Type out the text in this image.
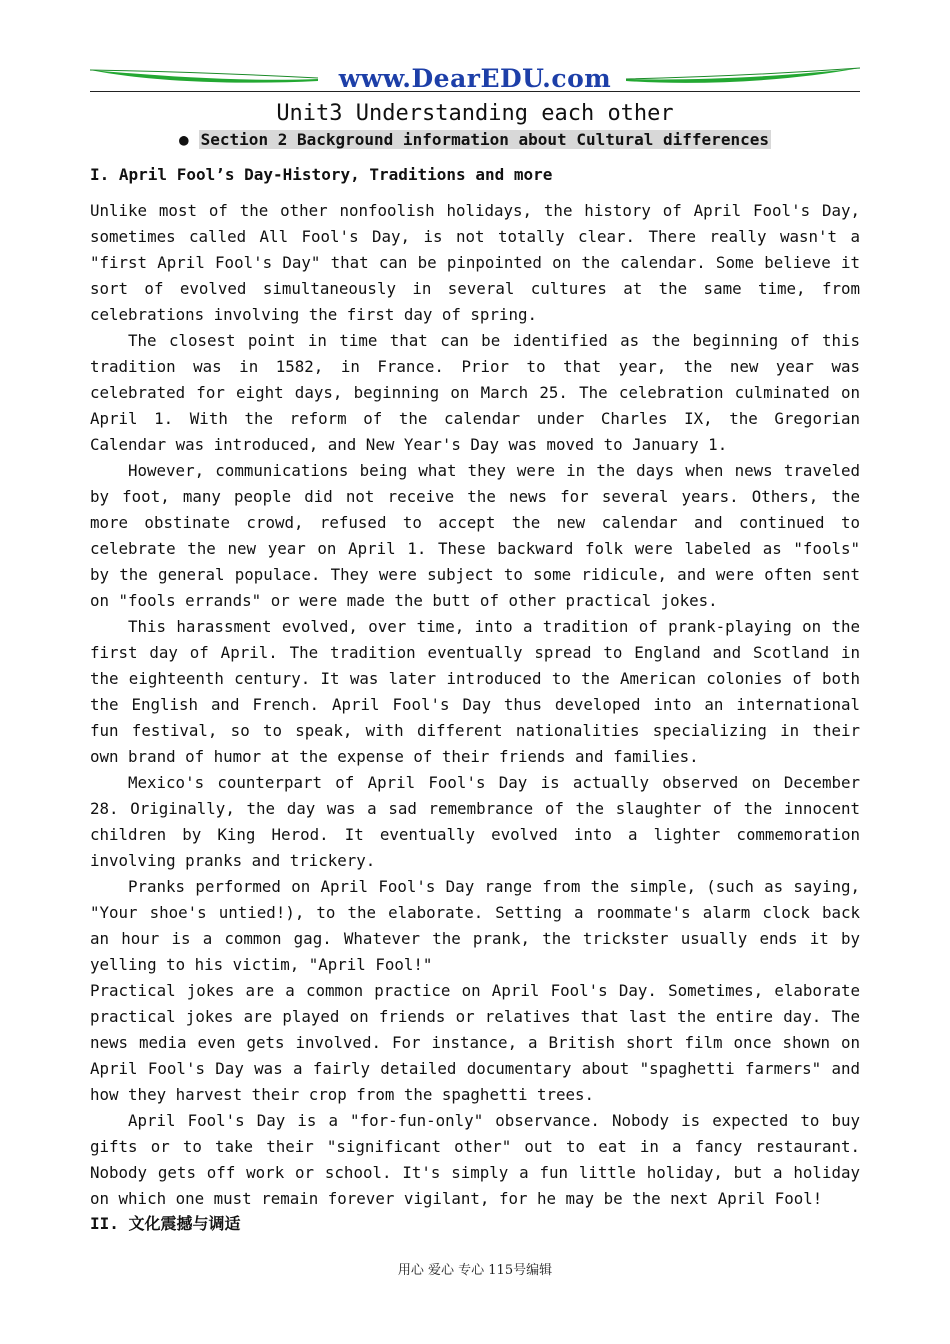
www.DearEDU.com
Unit3 Understanding each other
● Section 2 Background information about Cultural differences
I. April Fool’s Day-History, Traditions and more

Unlike most of the other nonfoolish holidays, the history of April Fool's Day, sometimes called All Fool's Day, is not totally clear. There really wasn't a "first April Fool's Day" that can be pinpointed on the calendar. Some believe it sort of evolved simultaneously in several cultures at the same time, from celebrations involving the first day of spring.

The closest point in time that can be identified as the beginning of this tradition was in 1582, in France. Prior to that year, the new year was celebrated for eight days, beginning on March 25. The celebration culminated on April 1. With the reform of the calendar under Charles IX, the Gregorian Calendar was introduced, and New Year's Day was moved to January 1.

However, communications being what they were in the days when news traveled by foot, many people did not receive the news for several years. Others, the more obstinate crowd, refused to accept the new calendar and continued to celebrate the new year on April 1. These backward folk were labeled as "fools" by the general populace. They were subject to some ridicule, and were often sent on "fools errands" or were made the butt of other practical jokes.

This harassment evolved, over time, into a tradition of prank-playing on the first day of April. The tradition eventually spread to England and Scotland in the eighteenth century. It was later introduced to the American colonies of both the English and French. April Fool's Day thus developed into an international fun festival, so to speak, with different nationalities specializing in their own brand of humor at the expense of their friends and families.

Mexico's counterpart of April Fool's Day is actually observed on December 28. Originally, the day was a sad remembrance of the slaughter of the innocent children by King Herod. It eventually evolved into a lighter commemoration involving pranks and trickery.

Pranks performed on April Fool's Day range from the simple, (such as saying, "Your shoe's untied!), to the elaborate. Setting a roommate's alarm clock back an hour is a common gag. Whatever the prank, the trickster usually ends it by yelling to his victim, "April Fool!"

Practical jokes are a common practice on April Fool's Day. Sometimes, elaborate practical jokes are played on friends or relatives that last the entire day. The news media even gets involved. For instance, a British short film once shown on April Fool's Day was a fairly detailed documentary about "spaghetti farmers" and how they harvest their crop from the spaghetti trees.

April Fool's Day is a "for-fun-only" observance. Nobody is expected to buy gifts or to take their "significant other" out to eat in a fancy restaurant. Nobody gets off work or school. It's simply a fun little holiday, but a holiday on which one must remain forever vigilant, for he may be the next April Fool!

II. 文化震撼与调适
用心 爱心 专心 115号编辑
